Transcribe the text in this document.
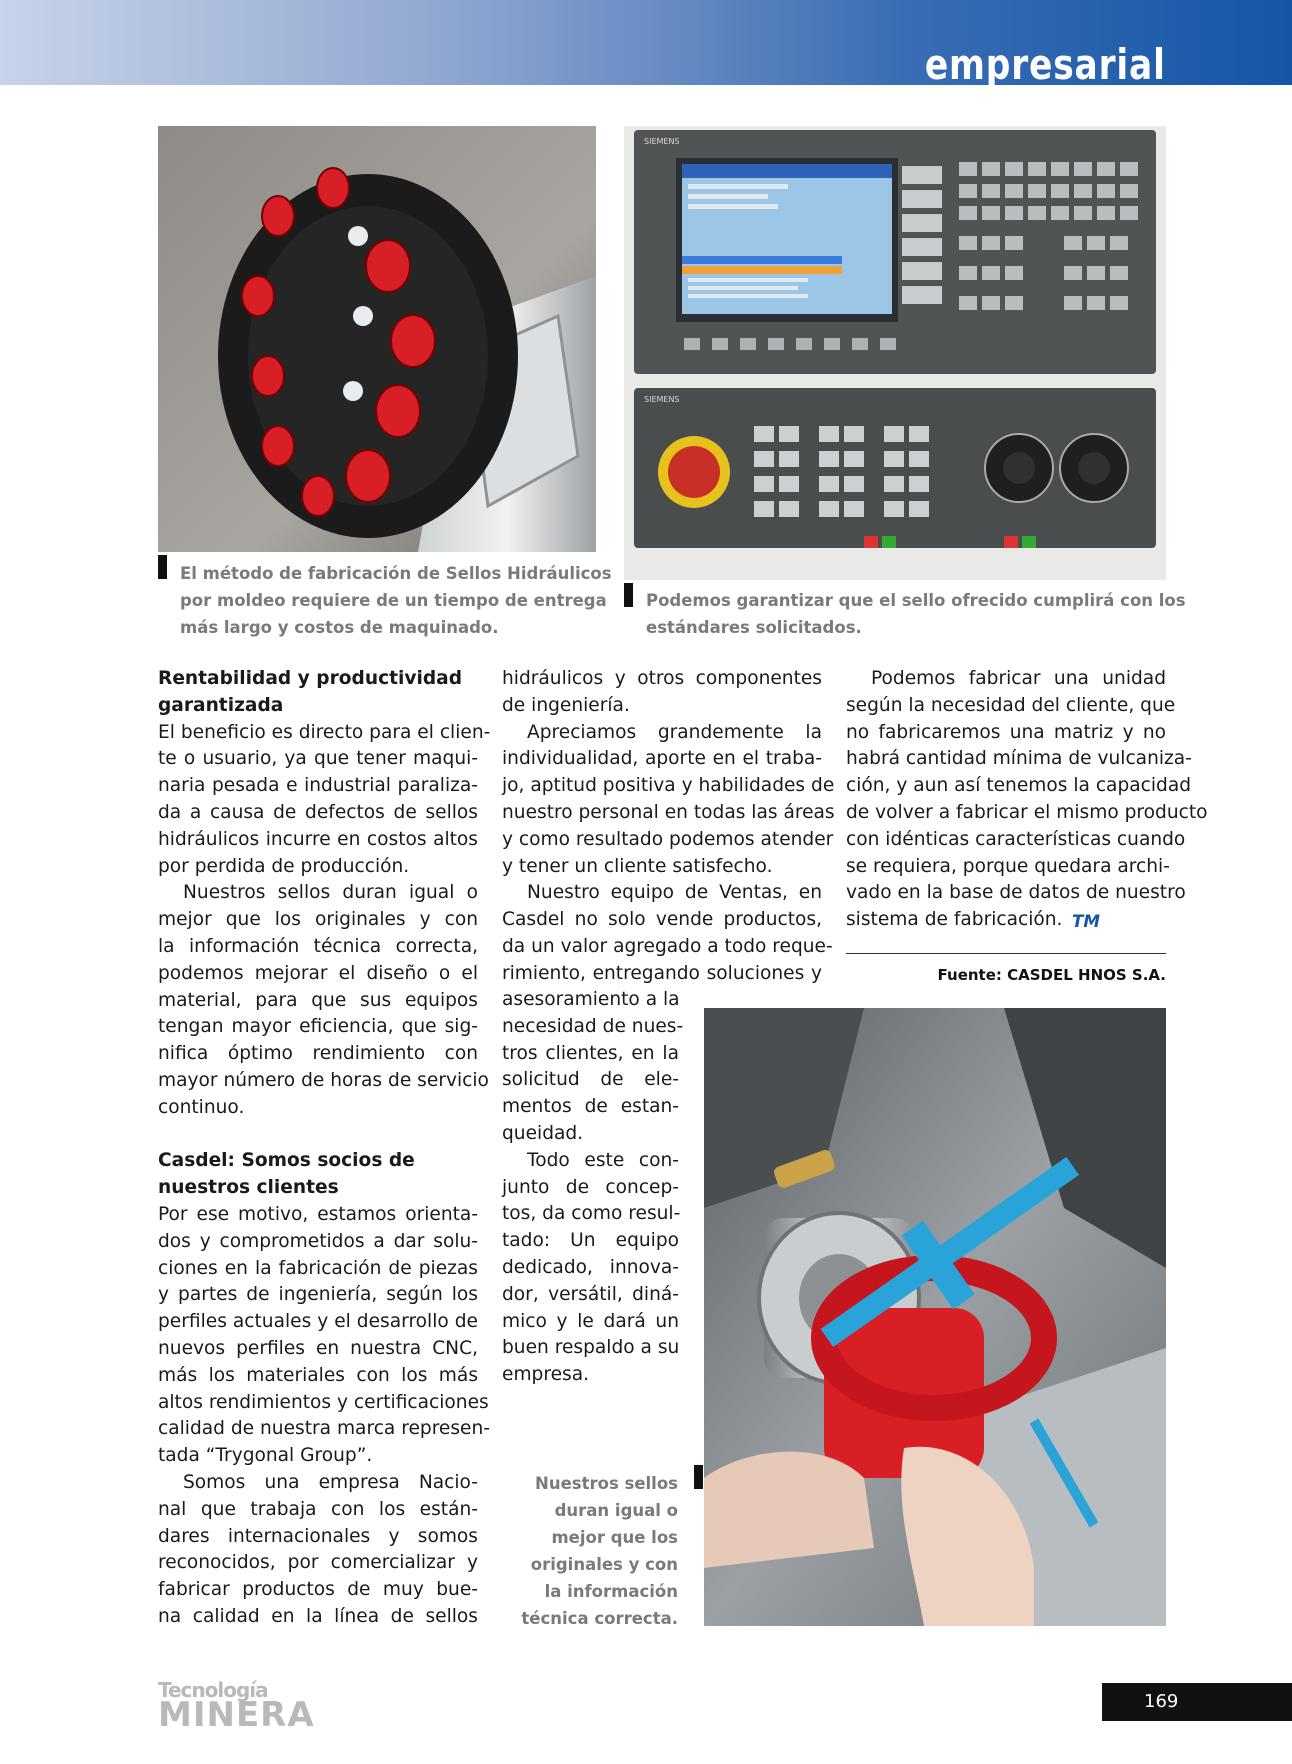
empresarial
El método de fabricación de Sellos Hidráulicos
por moldeo requiere de un tiempo de entrega
más largo y costos de maquinado.
SIEMENS
SIEMENS
Podemos garantizar que el sello ofrecido cumplirá con los
estándares solicitados.
Rentabilidad y productividad
garantizada
El beneficio es directo para el clien-
te o usuario, ya que tener maqui-
naria pesada e industrial paraliza-
da a causa de defectos de sellos
hidráulicos incurre en costos altos
por perdida de producción.
Nuestros sellos duran igual o
mejor que los originales y con
la información técnica correcta,
podemos mejorar el diseño o el
material, para que sus equipos
tengan mayor eficiencia, que sig-
nifica óptimo rendimiento con
mayor número de horas de servicio
continuo.
Casdel: Somos socios de
nuestros clientes
Por ese motivo, estamos orienta-
dos y comprometidos a dar solu-
ciones en la fabricación de piezas
y partes de ingeniería, según los
perfiles actuales y el desarrollo de
nuevos perfiles en nuestra CNC,
más los materiales con los más
altos rendimientos y certificaciones
calidad de nuestra marca represen-
tada “Trygonal Group”.
Somos una empresa Nacio-
nal que trabaja con los están-
dares internacionales y somos
reconocidos, por comercializar y
fabricar productos de muy bue-
na calidad en la línea de sellos
hidráulicos y otros componentes
de ingeniería.
Apreciamos grandemente la
individualidad, aporte en el traba-
jo, aptitud positiva y habilidades de
nuestro personal en todas las áreas
y como resultado podemos atender
y tener un cliente satisfecho.
Nuestro equipo de Ventas, en
Casdel no solo vende productos,
da un valor agregado a todo reque-
rimiento, entregando soluciones y
asesoramiento a la
necesidad de nues-
tros clientes, en la
solicitud de ele-
mentos de estan-
queidad.
Todo este con-
junto de concep-
tos, da como resul-
tado: Un equipo
dedicado, innova-
dor, versátil, diná-
mico y le dará un
buen respaldo a su
empresa.
Podemos fabricar una unidad
según la necesidad del cliente, que
no fabricaremos una matriz y no
habrá cantidad mínima de vulcaniza-
ción, y aun así tenemos la capacidad
de volver a fabricar el mismo producto
con idénticas características cuando
se requiera, porque quedara archi-
vado en la base de datos de nuestro
sistema de fabricación. TM
Fuente: CASDEL HNOS S.A.
Nuestros sellos
duran igual o
mejor que los
originales y con
la información
técnica correcta.
Tecnología
MINERA	169
